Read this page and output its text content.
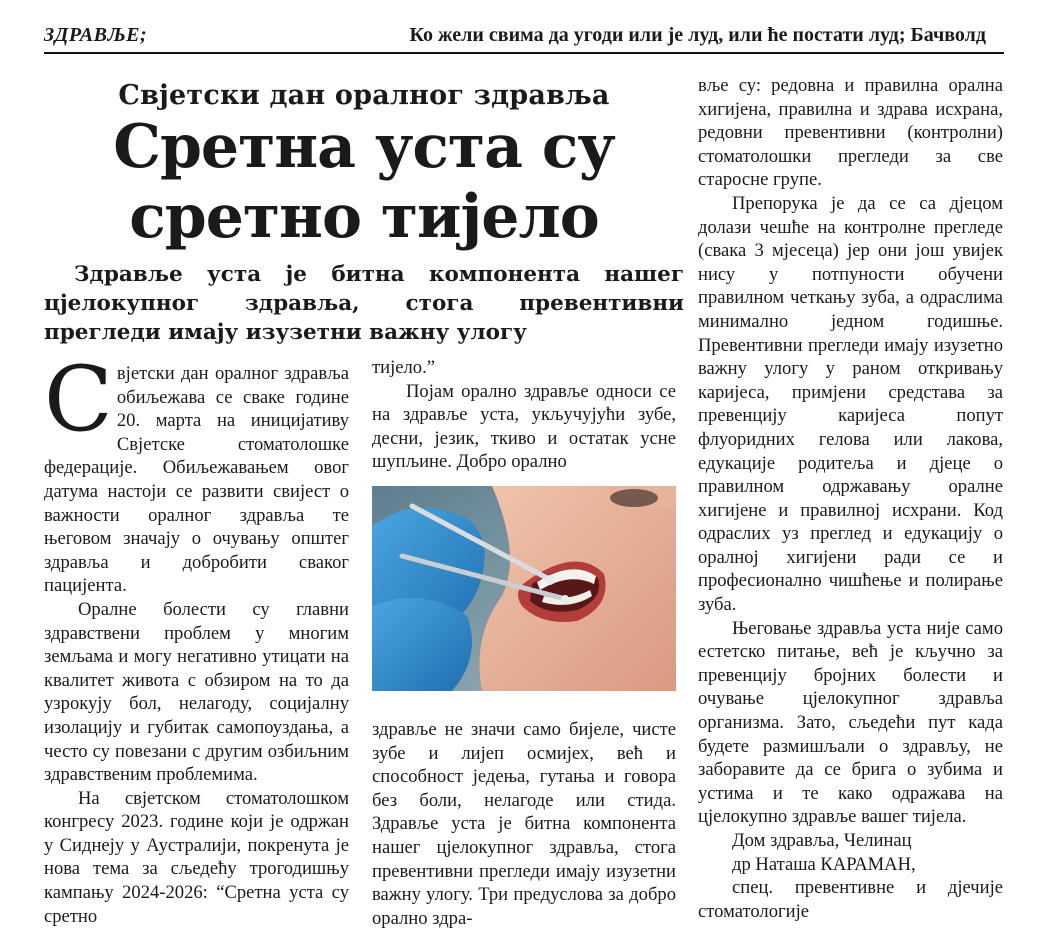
ЗДРАВЉЕ;	Ко жели свима да угоди или је луд, или ће постати луд; Бачволд
Свјетски дан оралног здравља
Сретна уста су
сретно тијело
Здравље уста је битна компонента нашег цјелокупног здравља, стога превентивни прегледи имају изузетни важну улогу

Свјетски дан оралног здравља обиљежава се сваке године 20. марта на иницијативу Свјетске стоматолошке федерације. Обиљежавањем овог датума настоји се развити свијест о важности оралног здравља те његовом значају о очувању општег здравља и добробити сваког пацијента.

Оралне болести су главни здравствени проблем у многим земљама и могу негативно утицати на квалитет живота с обзиром на то да узрокују бол, нелагоду, социјалну изолацију и губитак самопоуздања, а често су повезани с другим озбиљним здравственим проблемима.

На свјетском стоматолошком конгресу 2023. године који је одржан у Сиднеју у Аустралији, покренута је нова тема за сљедећу трогодишњу кампању 2024-2026: “Сретна уста су сретно

тијело.”

Појам орално здравље односи се на здравље уста, укључујући зубе, десни, језик, ткиво и остатак усне шупљине. Добро орално

здравље не значи само бијеле, чисте зубе и лијеп осмијех, већ и способност једења, гутања и говора без боли, нелагоде или стида. Здравље уста је битна компонента нашег цјелокупног здравља, стога превентивни прегледи имају изузетни важну улогу. Три предуслова за добро орално здра-

вље су: редовна и правилна орална хигијена, правилна и здрава исхрана, редовни превентивни (контролни) стоматолошки прегледи за све старосне групе.

Препорука је да се са дјецом долази чешће на контролне прегледе (свака 3 мјесеца) јер они још увијек нису у потпуности обучени правилном четкању зуба, а одраслима минимално једном годишње. Превентивни прегледи имају изузетно важну улогу у раном откривању каријеса, примјени средстава за превенцију каријеса попут флуоридних гелова или лакова, едукације родитеља и дјеце о правилном одржавању оралне хигијене и правилној исхрани. Код одраслих уз преглед и едукацију о оралној хигијени ради се и професионално чишћење и полирање зуба.

Његовање здравља уста није само естетско питање, већ је кључно за превенцију бројних болести и очување цјелокупног здравља организма. Зато, сљедећи пут када будете размишљали о здрављу, не заборавите да се брига о зубима и устима и те како одражава на цјелокупно здравље вашег тијела.

Дом здравља, Челинац

др Наташа КАРАМАН,

спец. превентивне и дјечије стоматологије
